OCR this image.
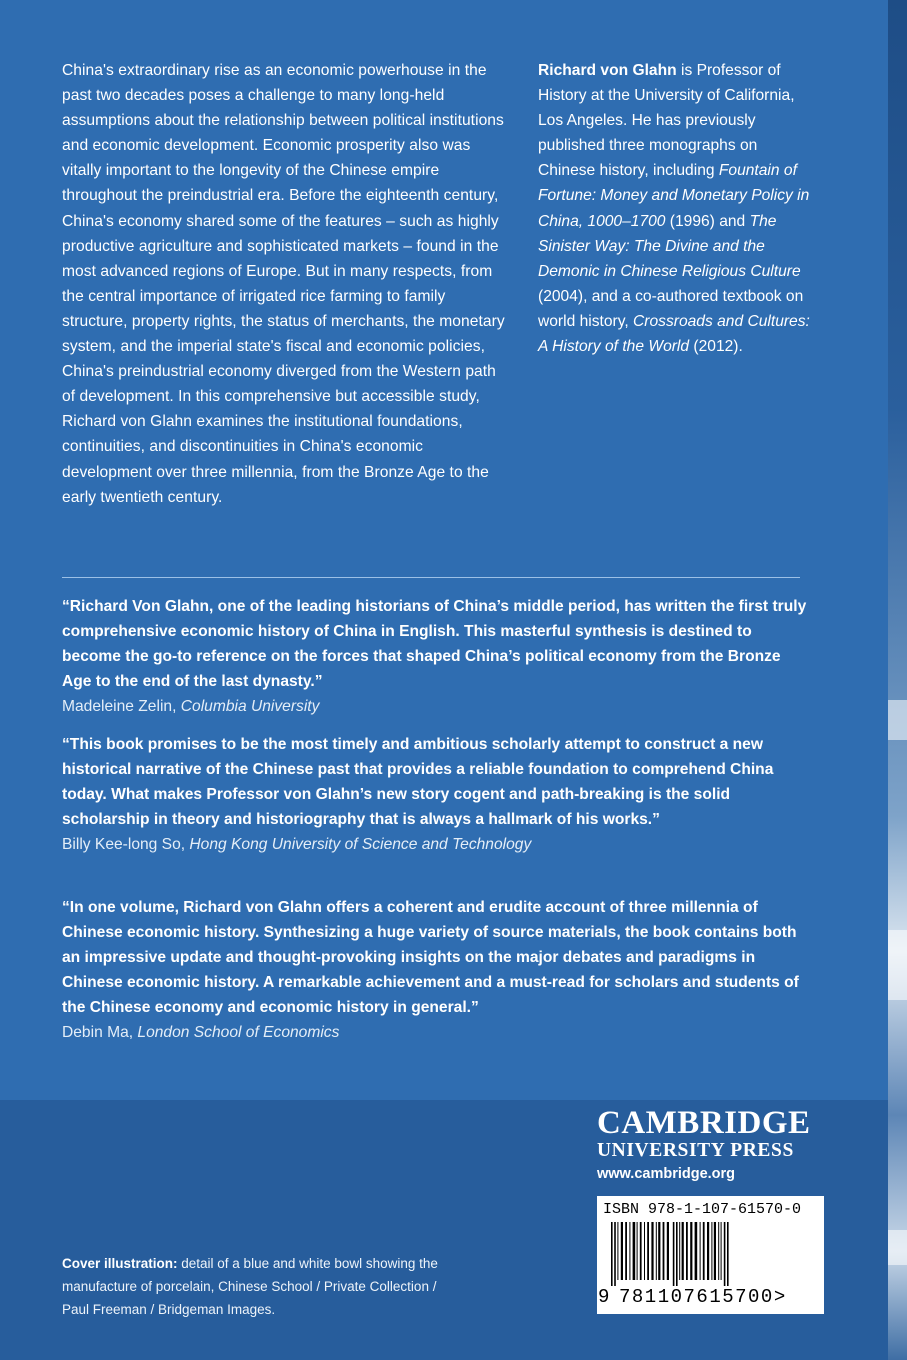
China's extraordinary rise as an economic powerhouse in the past two decades poses a challenge to many long-held assumptions about the relationship between political institutions and economic development. Economic prosperity also was vitally important to the longevity of the Chinese empire throughout the preindustrial era. Before the eighteenth century, China's economy shared some of the features – such as highly productive agriculture and sophisticated markets – found in the most advanced regions of Europe. But in many respects, from the central importance of irrigated rice farming to family structure, property rights, the status of merchants, the monetary system, and the imperial state's fiscal and economic policies, China's preindustrial economy diverged from the Western path of development. In this comprehensive but accessible study, Richard von Glahn examines the institutional foundations, continuities, and discontinuities in China's economic development over three millennia, from the Bronze Age to the early twentieth century.

Richard von Glahn is Professor of History at the University of California, Los Angeles. He has previously published three monographs on Chinese history, including Fountain of Fortune: Money and Monetary Policy in China, 1000–1700 (1996) and The Sinister Way: The Divine and the Demonic in Chinese Religious Culture (2004), and a co-authored textbook on world history, Crossroads and Cultures: A History of the World (2012).

“Richard Von Glahn, one of the leading historians of China’s middle period, has written the first truly comprehensive economic history of China in English. This masterful synthesis is destined to become the go-to reference on the forces that shaped China’s political economy from the Bronze Age to the end of the last dynasty.”

Madeleine Zelin, Columbia University

“This book promises to be the most timely and ambitious scholarly attempt to construct a new historical narrative of the Chinese past that provides a reliable foundation to comprehend China today. What makes Professor von Glahn’s new story cogent and path-breaking is the solid scholarship in theory and historiography that is always a hallmark of his works.”

Billy Kee-long So, Hong Kong University of Science and Technology

“In one volume, Richard von Glahn offers a coherent and erudite account of three millennia of Chinese economic history. Synthesizing a huge variety of source materials, the book contains both an impressive update and thought-provoking insights on the major debates and paradigms in Chinese economic history. A remarkable achievement and a must-read for scholars and students of the Chinese economy and economic history in general.”

Debin Ma, London School of Economics

Cover illustration: detail of a blue and white bowl showing the manufacture of porcelain, Chinese School / Private Collection / Paul Freeman / Bridgeman Images.

CAMBRIDGE
UNIVERSITY PRESS
www.cambridge.org

ISBN 978-1-107-61570-0

9 781107615700>
